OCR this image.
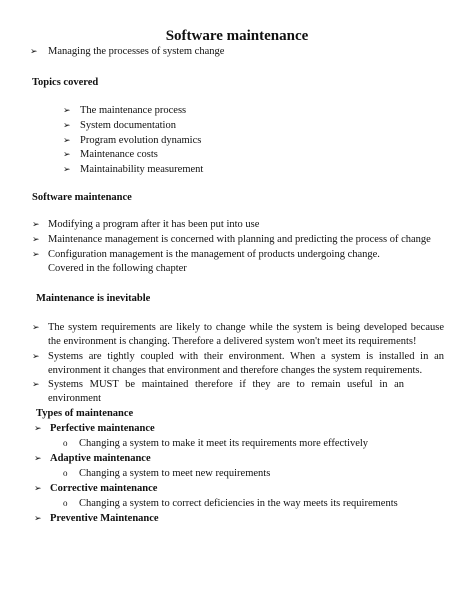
Software maintenance
➢ Managing the processes of system change
Topics covered
➢ The maintenance process
➢ System documentation
➢ Program evolution dynamics
➢ Maintenance costs
➢ Maintainability measurement
Software maintenance
➢ Modifying a program after it has been put into use
➢ Maintenance management is concerned with planning and predicting the process of change
➢ Configuration management is the management of products undergoing change.
Covered in the following chapter
Maintenance is inevitable
➢ The system requirements are likely to change while the system is being developed because
the environment is changing. Therefore a delivered system won't meet its requirements!
➢ Systems are tightly coupled with their environment. When a system is installed in an
environment it changes that environment and therefore changes the system requirements.
➢ Systems MUST be maintained therefore if they are to remain useful in an
environment
Types of maintenance
➢ Perfective maintenance
o Changing a system to make it meet its requirements more effectively
➢ Adaptive maintenance
o Changing a system to meet new requirements
➢ Corrective maintenance
o Changing a system to correct deficiencies in the way meets its requirements
➢ Preventive Maintenance
